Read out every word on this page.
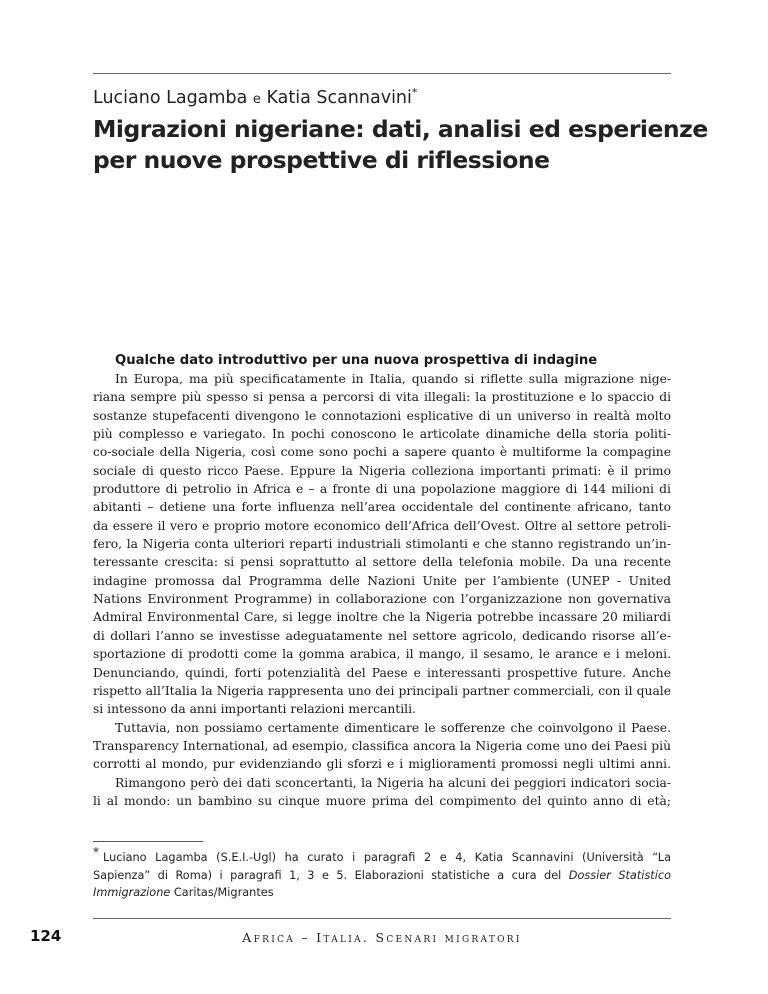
Luciano Lagamba e Katia Scannavini*
Migrazioni nigeriane: dati, analisi ed esperienze
per nuove prospettive di riflessione
Qualche dato introduttivo per una nuova prospettiva di indagine
In Europa, ma più specificatamente in Italia, quando si riflette sulla migrazione nige-
riana sempre più spesso si pensa a percorsi di vita illegali: la prostituzione e lo spaccio di
sostanze stupefacenti divengono le connotazioni esplicative di un universo in realtà molto
più complesso e variegato. In pochi conoscono le articolate dinamiche della storia politi-
co-sociale della Nigeria, così come sono pochi a sapere quanto è multiforme la compagine
sociale di questo ricco Paese. Eppure la Nigeria colleziona importanti primati: è il primo
produttore di petrolio in Africa e – a fronte di una popolazione maggiore di 144 milioni di
abitanti – detiene una forte influenza nell’area occidentale del continente africano, tanto
da essere il vero e proprio motore economico dell’Africa dell’Ovest. Oltre al settore petroli-
fero, la Nigeria conta ulteriori reparti industriali stimolanti e che stanno registrando un’in-
teressante crescita: si pensi soprattutto al settore della telefonia mobile. Da una recente
indagine promossa dal Programma delle Nazioni Unite per l’ambiente (UNEP - United
Nations Environment Programme) in collaborazione con l’organizzazione non governativa
Admiral Environmental Care, si legge inoltre che la Nigeria potrebbe incassare 20 miliardi
di dollari l’anno se investisse adeguatamente nel settore agricolo, dedicando risorse all’e-
sportazione di prodotti come la gomma arabica, il mango, il sesamo, le arance e i meloni.
Denunciando, quindi, forti potenzialità del Paese e interessanti prospettive future. Anche
rispetto all’Italia la Nigeria rappresenta uno dei principali partner commerciali, con il quale
si intessono da anni importanti relazioni mercantili.
Tuttavia, non possiamo certamente dimenticare le sofferenze che coinvolgono il Paese.
Transparency International, ad esempio, classifica ancora la Nigeria come uno dei Paesi più
corrotti al mondo, pur evidenziando gli sforzi e i miglioramenti promossi negli ultimi anni.
Rimangono però dei dati sconcertanti, la Nigeria ha alcuni dei peggiori indicatori socia-
li al mondo: un bambino su cinque muore prima del compimento del quinto anno di età;
* Luciano Lagamba (S.E.I.-Ugl) ha curato i paragrafi 2 e 4, Katia Scannavini (Università “La
Sapienza” di Roma) i paragrafi 1, 3 e 5. Elaborazioni statistiche a cura del Dossier Statistico
Immigrazione Caritas/Migrantes
124	Africa – Italia. Scenari migratori
